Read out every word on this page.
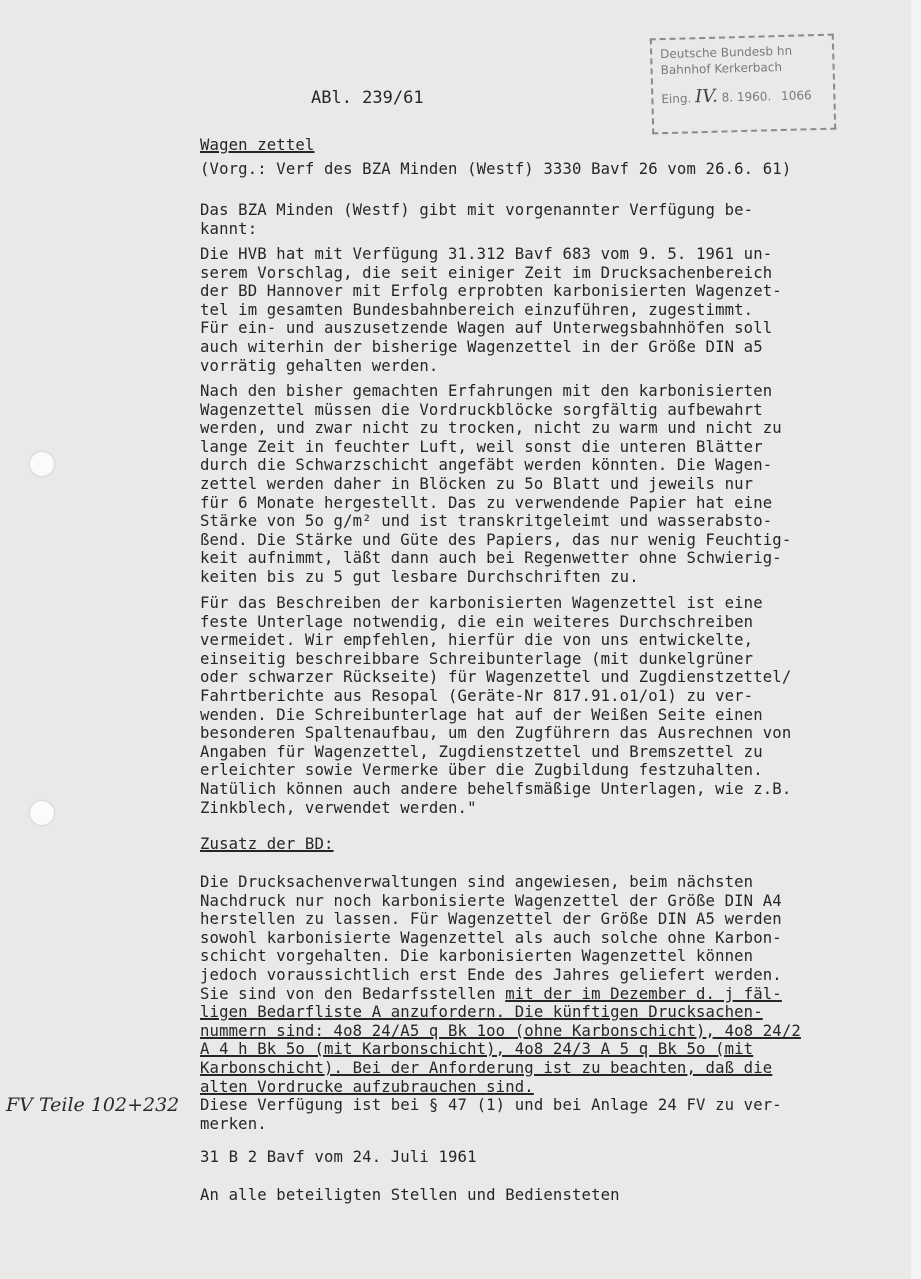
Deutsche Bundesb hn
Bahnhof Kerkerbach
Eing. IV. 8. 1960. 1066
ABl. 239/61
Wagen zettel
(Vorg.: Verf des BZA Minden (Westf) 3330 Bavf 26 vom 26.6. 61)
Das BZA Minden (Westf) gibt mit vorgenannter Verfügung be-
kannt:
Die HVB hat mit Verfügung 31.312 Bavf 683 vom 9. 5. 1961 un-
serem Vorschlag, die seit einiger Zeit im Drucksachenbereich
der BD Hannover mit Erfolg erprobten karbonisierten Wagenzet-
tel im gesamten Bundesbahnbereich einzuführen, zugestimmt.
Für ein- und auszusetzende Wagen auf Unterwegsbahnhöfen soll
auch witerhin der bisherige Wagenzettel in der Größe DIN a5
vorrätig gehalten werden.
Nach den bisher gemachten Erfahrungen mit den karbonisierten
Wagenzettel müssen die Vordruckblöcke sorgfältig aufbewahrt
werden, und zwar nicht zu trocken, nicht zu warm und nicht zu
lange Zeit in feuchter Luft, weil sonst die unteren Blätter
durch die Schwarzschicht angefäbt werden könnten. Die Wagen-
zettel werden daher in Blöcken zu 5o Blatt und jeweils nur
für 6 Monate hergestellt. Das zu verwendende Papier hat eine
Stärke von 5o g/m² und ist transkritgeleimt und wasserabsto-
ßend. Die Stärke und Güte des Papiers, das nur wenig Feuchtig-
keit aufnimmt, läßt dann auch bei Regenwetter ohne Schwierig-
keiten bis zu 5 gut lesbare Durchschriften zu.
Für das Beschreiben der karbonisierten Wagenzettel ist eine
feste Unterlage notwendig, die ein weiteres Durchschreiben
vermeidet. Wir empfehlen, hierfür die von uns entwickelte,
einseitig beschreibbare Schreibunterlage (mit dunkelgrüner
oder schwarzer Rückseite) für Wagenzettel und Zugdienstzettel/
Fahrtberichte aus Resopal (Geräte-Nr 817.91.o1/o1) zu ver-
wenden. Die Schreibunterlage hat auf der Weißen Seite einen
besonderen Spaltenaufbau, um den Zugführern das Ausrechnen von
Angaben für Wagenzettel, Zugdienstzettel und Bremszettel zu
erleichter sowie Vermerke über die Zugbildung festzuhalten.
Natülich können auch andere behelfsmäßige Unterlagen, wie z.B.
Zinkblech, verwendet werden."
Zusatz der BD:
Die Drucksachenverwaltungen sind angewiesen, beim nächsten
Nachdruck nur noch karbonisierte Wagenzettel der Größe DIN A4
herstellen zu lassen. Für Wagenzettel der Größe DIN A5 werden
sowohl karbonisierte Wagenzettel als auch solche ohne Karbon-
schicht vorgehalten. Die karbonisierten Wagenzettel können
jedoch voraussichtlich erst Ende des Jahres geliefert werden.
Sie sind von den Bedarfsstellen mit der im Dezember d. j fäl-
ligen Bedarfliste A anzufordern. Die künftigen Drucksachen-
nummern sind: 4o8 24/A5 q Bk 1oo (ohne Karbonschicht), 4o8 24/2
A 4 h Bk 5o (mit Karbonschicht), 4o8 24/3 A 5 q Bk 5o (mit
Karbonschicht). Bei der Anforderung ist zu beachten, daß die
alten Vordrucke aufzubrauchen sind.
Diese Verfügung ist bei § 47 (1) und bei Anlage 24 FV zu ver-
merken.
31 B 2 Bavf vom 24. Juli 1961
An alle beteiligten Stellen und Bediensteten
FV Teile 102+232
